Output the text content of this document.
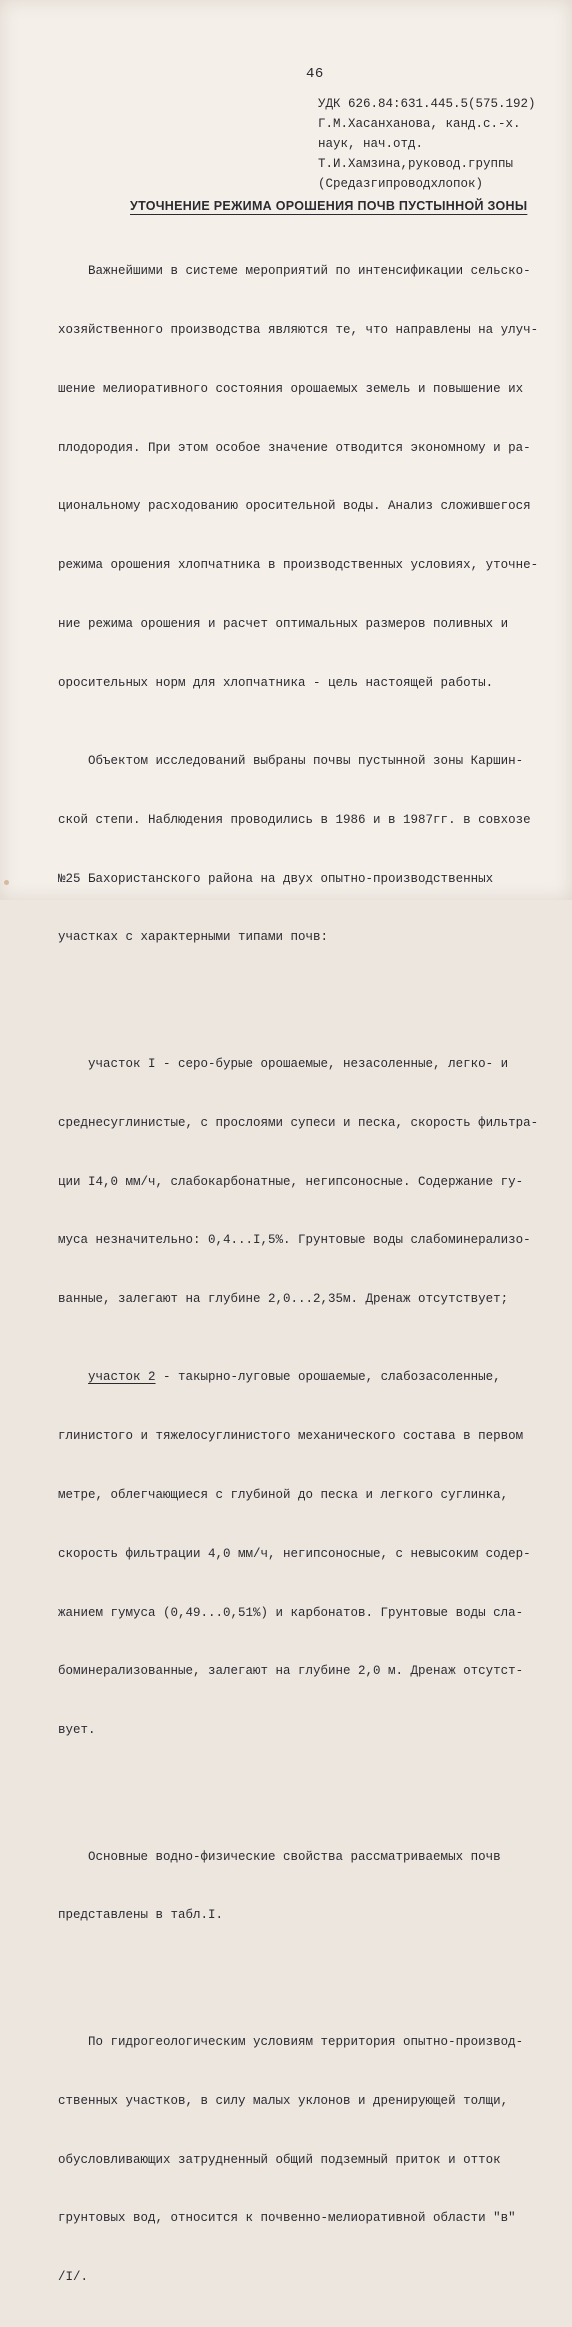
46
УДК 626.84:631.445.5(575.192)
Г.М.Хасанханова, канд.с.-х.
наук, нач.отд.
Т.И.Хамзина,руковод.группы
(Средазгипроводхлопок)
УТОЧНЕНИЕ РЕЖИМА ОРОШЕНИЯ ПОЧВ ПУСТЫННОЙ ЗОНЫ

Важнейшими в системе мероприятий по интенсификации сельско-

хозяйственного производства являются те, что направлены на улуч-

шение мелиоративного состояния орошаемых земель и повышение их

плодородия. При этом особое значение отводится экономному и ра-

циональному расходованию оросительной воды. Анализ сложившегося

режима орошения хлопчатника в производственных условиях, уточне-

ние режима орошения и расчет оптимальных размеров поливных и

оросительных норм для хлопчатника - цель настоящей работы.

Объектом исследований выбраны почвы пустынной зоны Каршин-

ской степи. Наблюдения проводились в 1986 и в 1987гг. в совхозе

№25 Бахористанского района на двух опытно-производственных

участках с характерными типами почв:

участок I - серо-бурые орошаемые, незасоленные, легко- и

среднесуглинистые, с прослоями супеси и песка, скорость фильтра-

ции I4,0 мм/ч, слабокарбонатные, негипсоносные. Содержание гу-

муса незначительно: 0,4...I,5%. Грунтовые воды слабоминерализо-

ванные, залегают на глубине 2,0...2,35м. Дренаж отсутствует;

участок 2 - такырно-луговые орошаемые, слабозасоленные,

глинистого и тяжелосуглинистого механического состава в первом

метре, облегчающиеся с глубиной до песка и легкого суглинка,

скорость фильтрации 4,0 мм/ч, негипсоносные, с невысоким содер-

жанием гумуса (0,49...0,51%) и карбонатов. Грунтовые воды сла-

боминерализованные, залегают на глубине 2,0 м. Дренаж отсутст-

вует.

Основные водно-физические свойства рассматриваемых почв

представлены в табл.I.

По гидрогеологическим условиям территория опытно-производ-

ственных участков, в силу малых уклонов и дренирующей толщи,

обусловливающих затрудненный общий подземный приток и отток

грунтовых вод, относится к почвенно-мелиоративной области "в"

/I/.
